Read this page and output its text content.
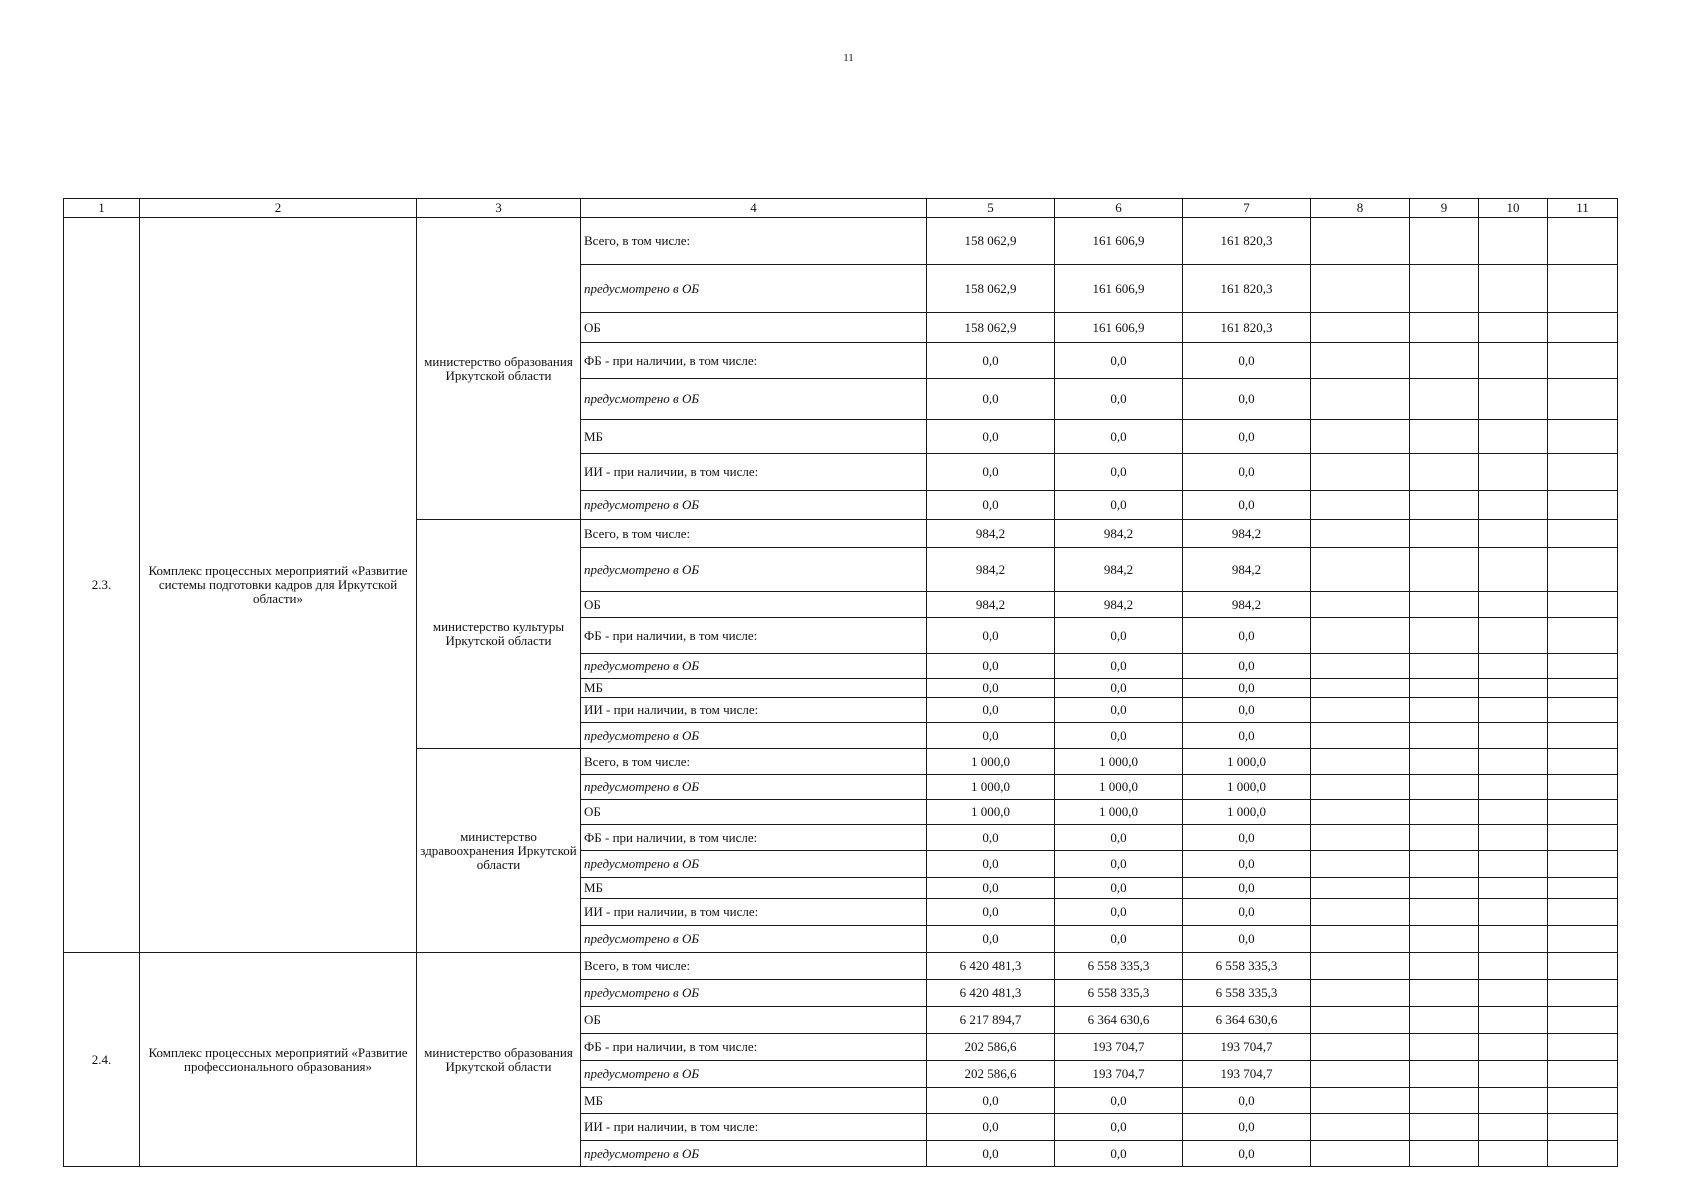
11
1	2	3	4	5	6	7	8	9	10	11
2.3.	Комплекс процессных мероприятий «Развитие системы подготовки кадров для Иркутской области»	министерство образования Иркутской области	Всего, в том числе:	158 062,9	161 606,9	161 820,3				
			предусмотрено в ОБ	158 062,9	161 606,9	161 820,3				
			ОБ	158 062,9	161 606,9	161 820,3				
			ФБ - при наличии, в том числе:	0,0	0,0	0,0				
			предусмотрено в ОБ	0,0	0,0	0,0				
			МБ	0,0	0,0	0,0				
			ИИ - при наличии, в том числе:	0,0	0,0	0,0				
			предусмотрено в ОБ	0,0	0,0	0,0				
		министерство культуры Иркутской области	Всего, в том числе:	984,2	984,2	984,2				
			предусмотрено в ОБ	984,2	984,2	984,2				
			ОБ	984,2	984,2	984,2				
			ФБ - при наличии, в том числе:	0,0	0,0	0,0				
			предусмотрено в ОБ	0,0	0,0	0,0				
			МБ	0,0	0,0	0,0				
			ИИ - при наличии, в том числе:	0,0	0,0	0,0				
			предусмотрено в ОБ	0,0	0,0	0,0				
		министерство здравоохранения Иркутской области	Всего, в том числе:	1 000,0	1 000,0	1 000,0				
			предусмотрено в ОБ	1 000,0	1 000,0	1 000,0				
			ОБ	1 000,0	1 000,0	1 000,0				
			ФБ - при наличии, в том числе:	0,0	0,0	0,0				
			предусмотрено в ОБ	0,0	0,0	0,0				
			МБ	0,0	0,0	0,0				
			ИИ - при наличии, в том числе:	0,0	0,0	0,0				
			предусмотрено в ОБ	0,0	0,0	0,0				
2.4.	Комплекс процессных мероприятий «Развитие профессионального образования»	министерство образования Иркутской области	Всего, в том числе:	6 420 481,3	6 558 335,3	6 558 335,3				
			предусмотрено в ОБ	6 420 481,3	6 558 335,3	6 558 335,3				
			ОБ	6 217 894,7	6 364 630,6	6 364 630,6				
			ФБ - при наличии, в том числе:	202 586,6	193 704,7	193 704,7				
			предусмотрено в ОБ	202 586,6	193 704,7	193 704,7				
			МБ	0,0	0,0	0,0				
			ИИ - при наличии, в том числе:	0,0	0,0	0,0				
			предусмотрено в ОБ	0,0	0,0	0,0				
